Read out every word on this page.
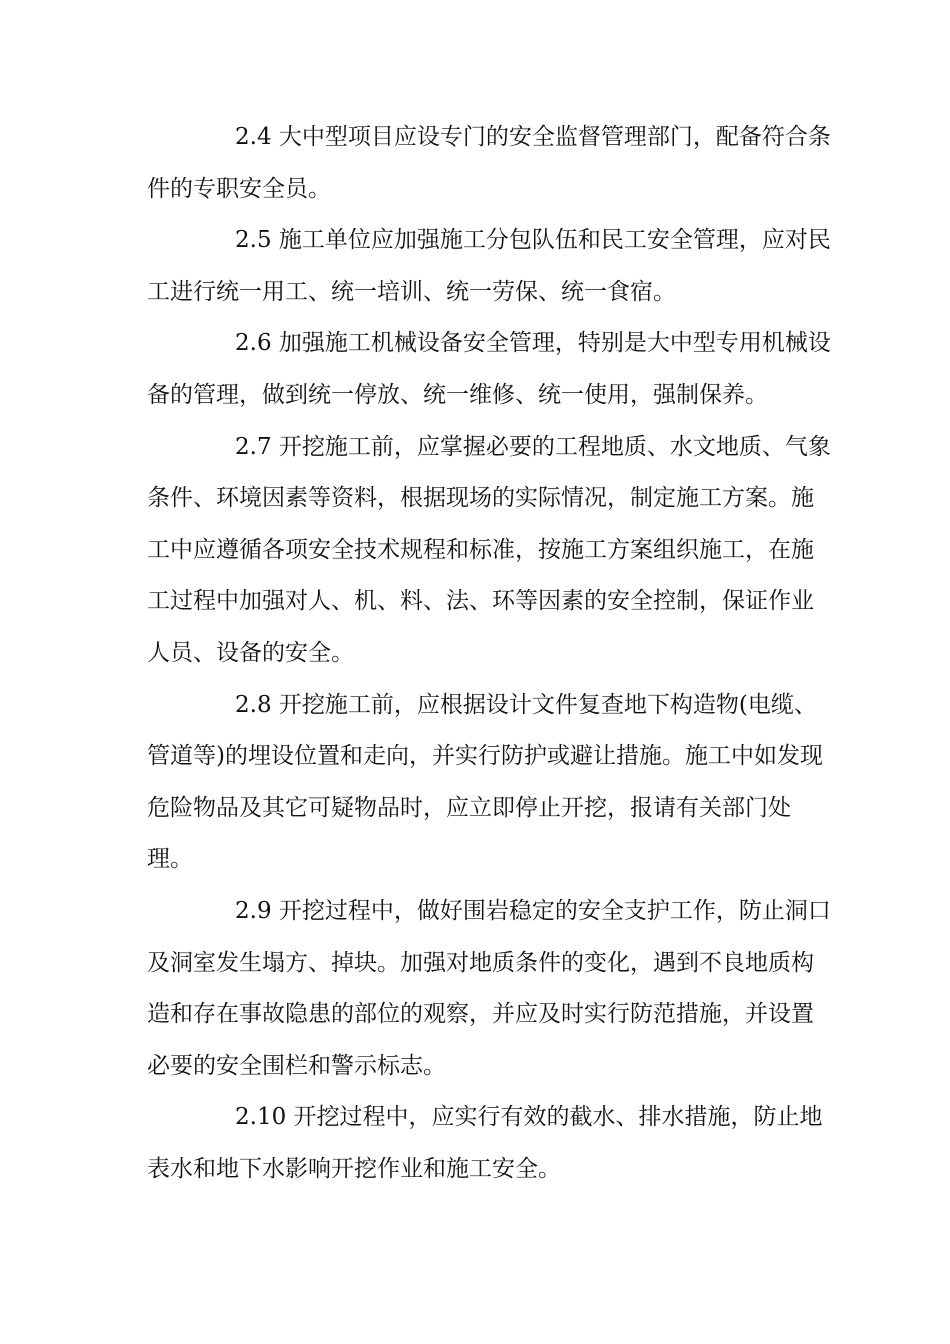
2.4 大中型项目应设专门的安全监督管理部门，配备符合条
件的专职安全员。
2.5 施工单位应加强施工分包队伍和民工安全管理，应对民
工进行统一用工、统一培训、统一劳保、统一食宿。
2.6 加强施工机械设备安全管理，特别是大中型专用机械设
备的管理，做到统一停放、统一维修、统一使用，强制保养。
2.7 开挖施工前，应掌握必要的工程地质、水文地质、气象
条件、环境因素等资料，根据现场的实际情况，制定施工方案。施
工中应遵循各项安全技术规程和标准，按施工方案组织施工，在施
工过程中加强对人、机、料、法、环等因素的安全控制，保证作业
人员、设备的安全。
2.8 开挖施工前，应根据设计文件复查地下构造物(电缆、
管道等)的埋设位置和走向，并实行防护或避让措施。施工中如发现
危险物品及其它可疑物品时，应立即停止开挖，报请有关部门处
理。
2.9 开挖过程中，做好围岩稳定的安全支护工作，防止洞口
及洞室发生塌方、掉块。加强对地质条件的变化，遇到不良地质构
造和存在事故隐患的部位的观察，并应及时实行防范措施，并设置
必要的安全围栏和警示标志。
2.10 开挖过程中，应实行有效的截水、排水措施，防止地
表水和地下水影响开挖作业和施工安全。
